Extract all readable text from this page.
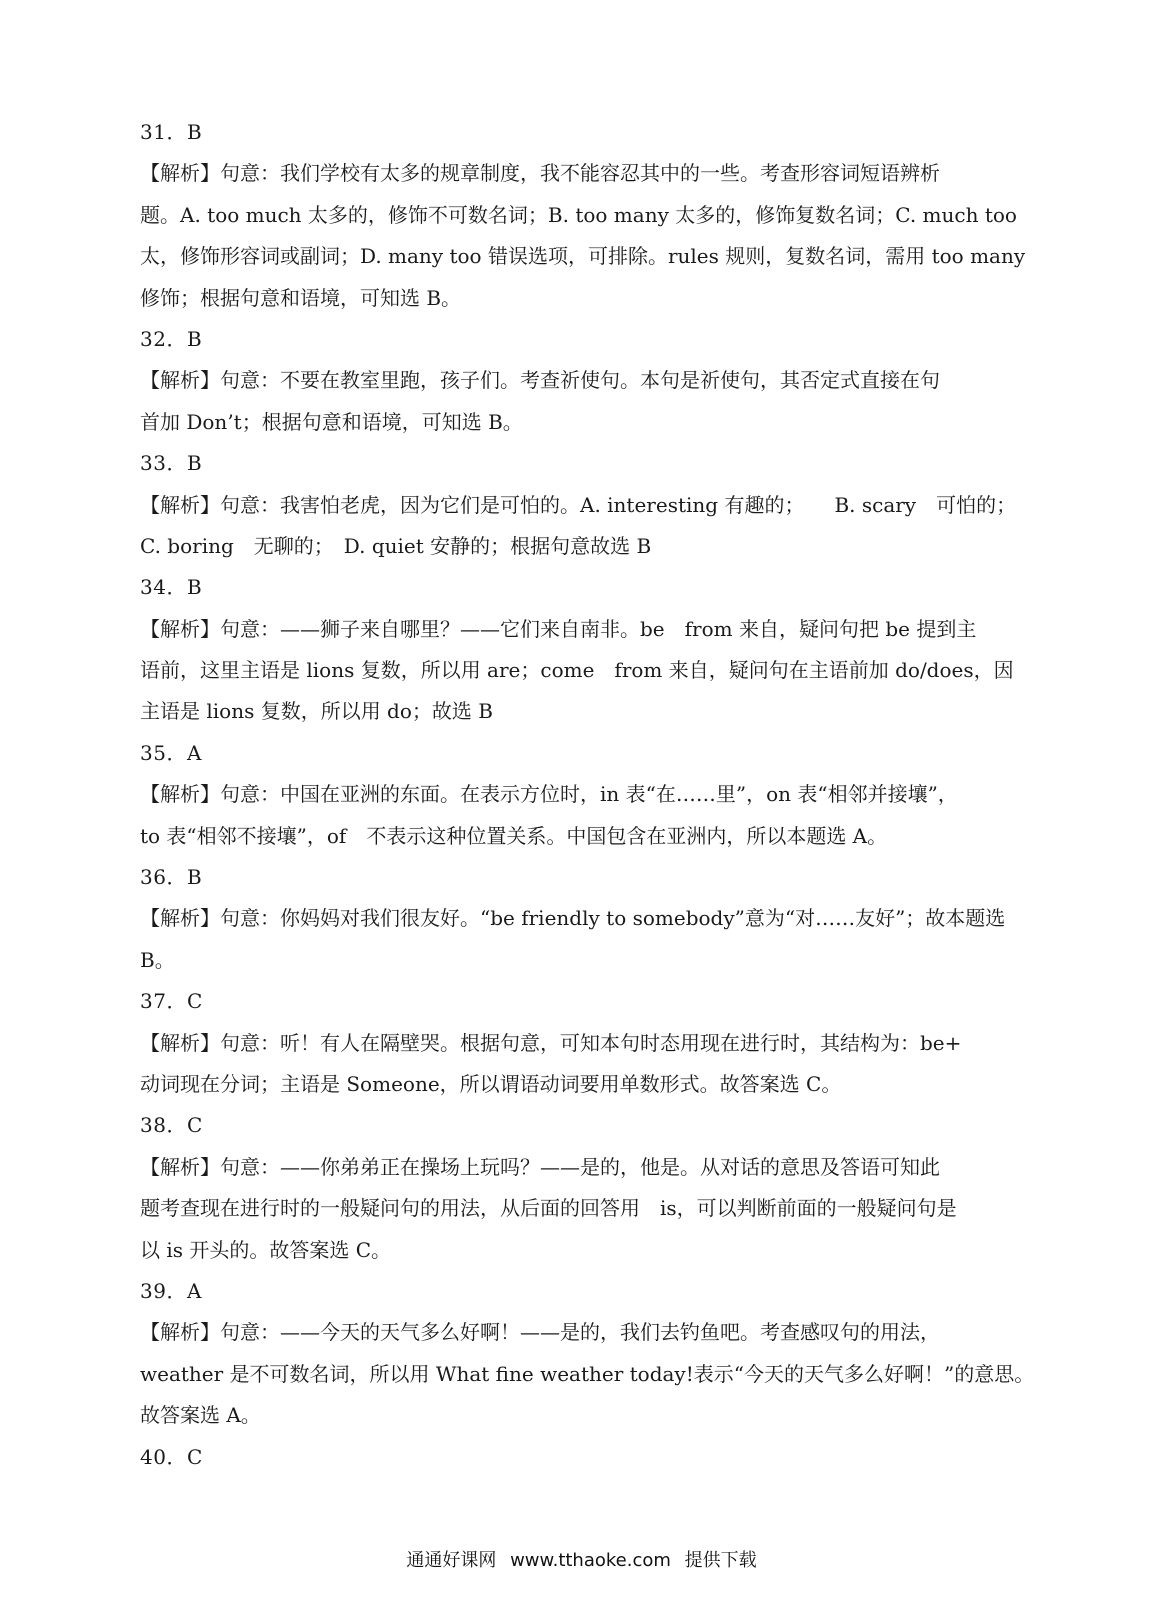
31．B
【解析】句意：我们学校有太多的规章制度，我不能容忍其中的一些。考查形容词短语辨析
题。A. too much 太多的，修饰不可数名词；B. too many 太多的，修饰复数名词；C. much too
太，修饰形容词或副词；D. many too 错误选项，可排除。rules 规则，复数名词，需用 too many
修饰；根据句意和语境，可知选 B。
32．B
【解析】句意：不要在教室里跑，孩子们。考查祈使句。本句是祈使句，其否定式直接在句
首加 Don’t；根据句意和语境，可知选 B。
33．B
【解析】句意：我害怕老虎，因为它们是可怕的。A. interesting 有趣的；　　B. scary　可怕的；
C. boring　无聊的；　D. quiet 安静的；根据句意故选 B
34．B
【解析】句意：——狮子来自哪里？——它们来自南非。be　from 来自，疑问句把 be 提到主
语前，这里主语是 lions 复数，所以用 are；come　from 来自，疑问句在主语前加 do/does，因
主语是 lions 复数，所以用 do；故选 B
35．A
【解析】句意：中国在亚洲的东面。在表示方位时，in 表“在……里”，on 表“相邻并接壤”，
to 表“相邻不接壤”，of　不表示这种位置关系。中国包含在亚洲内，所以本题选 A。
36．B
【解析】句意：你妈妈对我们很友好。“be friendly to somebody”意为“对……友好”；故本题选
B。
37．C
【解析】句意：听！有人在隔壁哭。根据句意，可知本句时态用现在进行时，其结构为：be+
动词现在分词；主语是 Someone，所以谓语动词要用单数形式。故答案选 C。
38．C
【解析】句意：——你弟弟正在操场上玩吗？——是的，他是。从对话的意思及答语可知此
题考查现在进行时的一般疑问句的用法，从后面的回答用　is，可以判断前面的一般疑问句是
以 is 开头的。故答案选 C。
39．A
【解析】句意：——今天的天气多么好啊！——是的，我们去钓鱼吧。考查感叹句的用法，
weather 是不可数名词，所以用 What fine weather today!表示“今天的天气多么好啊！”的意思。
故答案选 A。
40．C
通通好课网 www.tthaoke.com 提供下载
